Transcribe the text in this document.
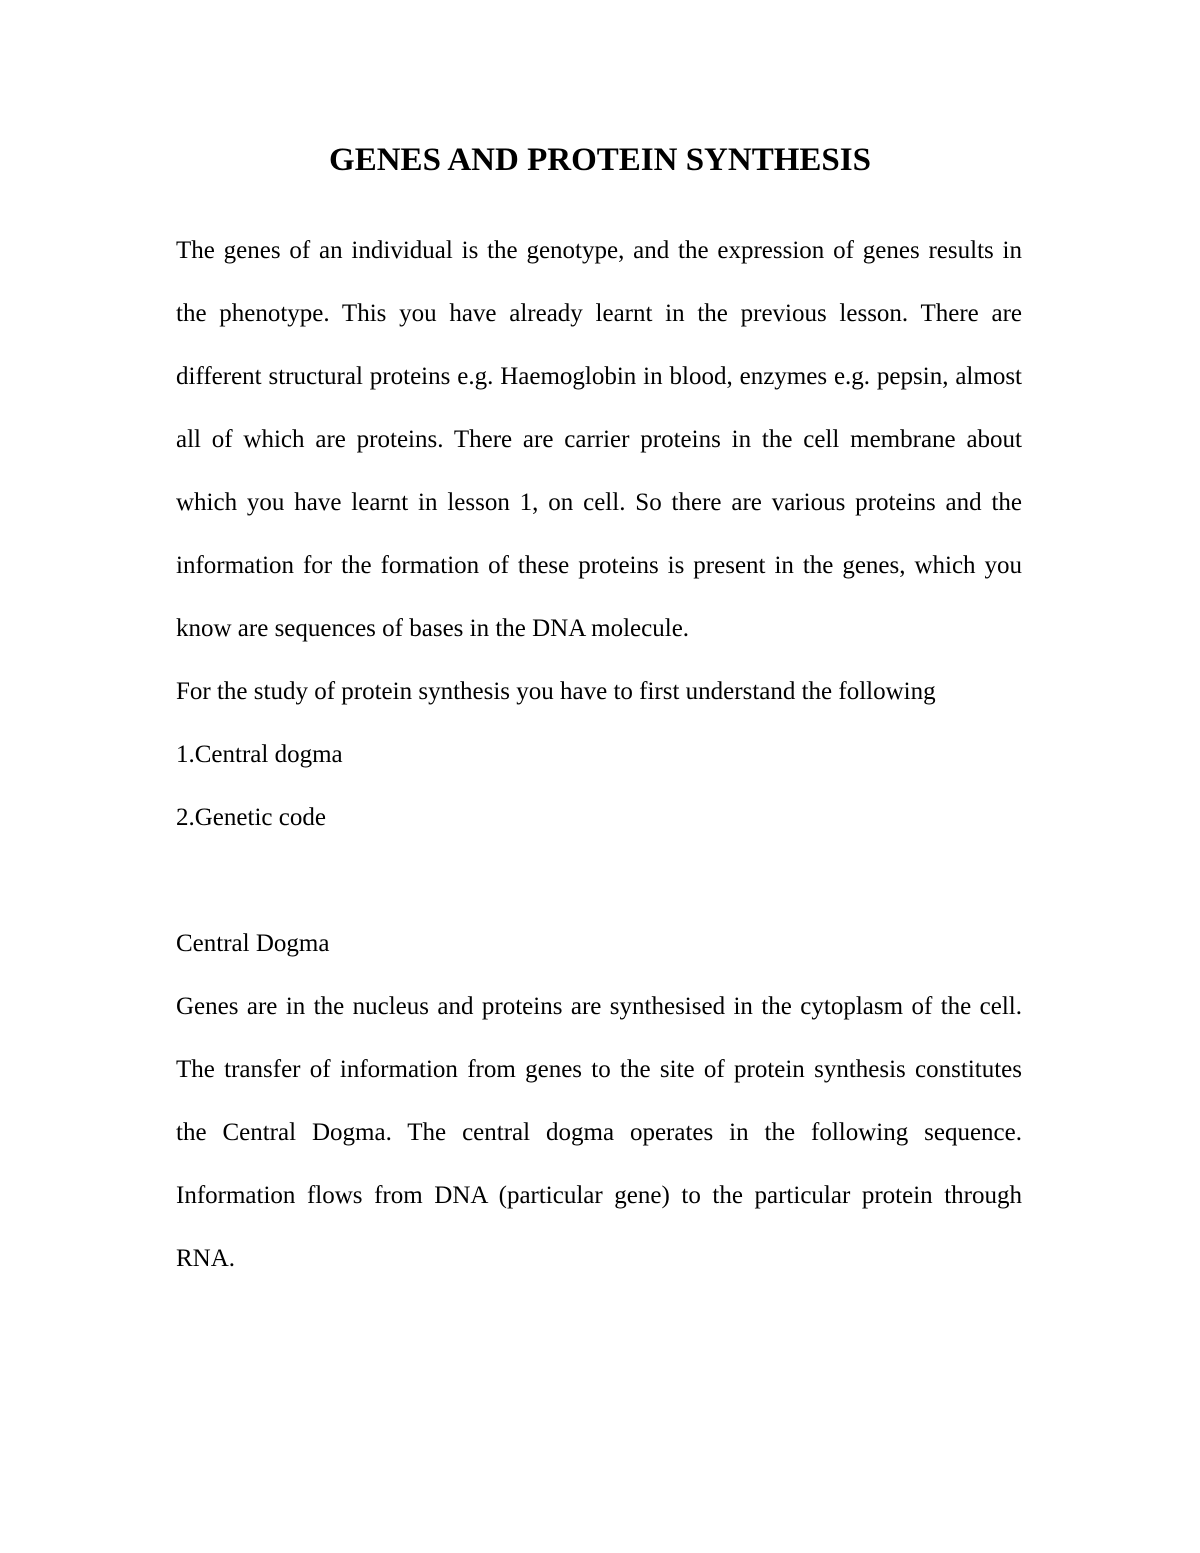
GENES AND PROTEIN SYNTHESIS

The genes of an individual is the genotype, and the expression of genes results in the phenotype. This you have already learnt in the previous lesson. There are different structural proteins e.g. Haemoglobin in blood, enzymes e.g. pepsin, almost all of which are proteins. There are carrier proteins in the cell membrane about which you have learnt in lesson 1, on cell. So there are various proteins and the information for the formation of these proteins is present in the genes, which you know are sequences of bases in the DNA molecule.

For the study of protein synthesis you have to first understand the following

1.Central dogma

2.Genetic code

Central Dogma

Genes are in the nucleus and proteins are synthesised in the cytoplasm of the cell. The transfer of information from genes to the site of protein synthesis constitutes the Central Dogma. The central dogma operates in the following sequence. Information flows from DNA (particular gene) to the particular protein through RNA.
